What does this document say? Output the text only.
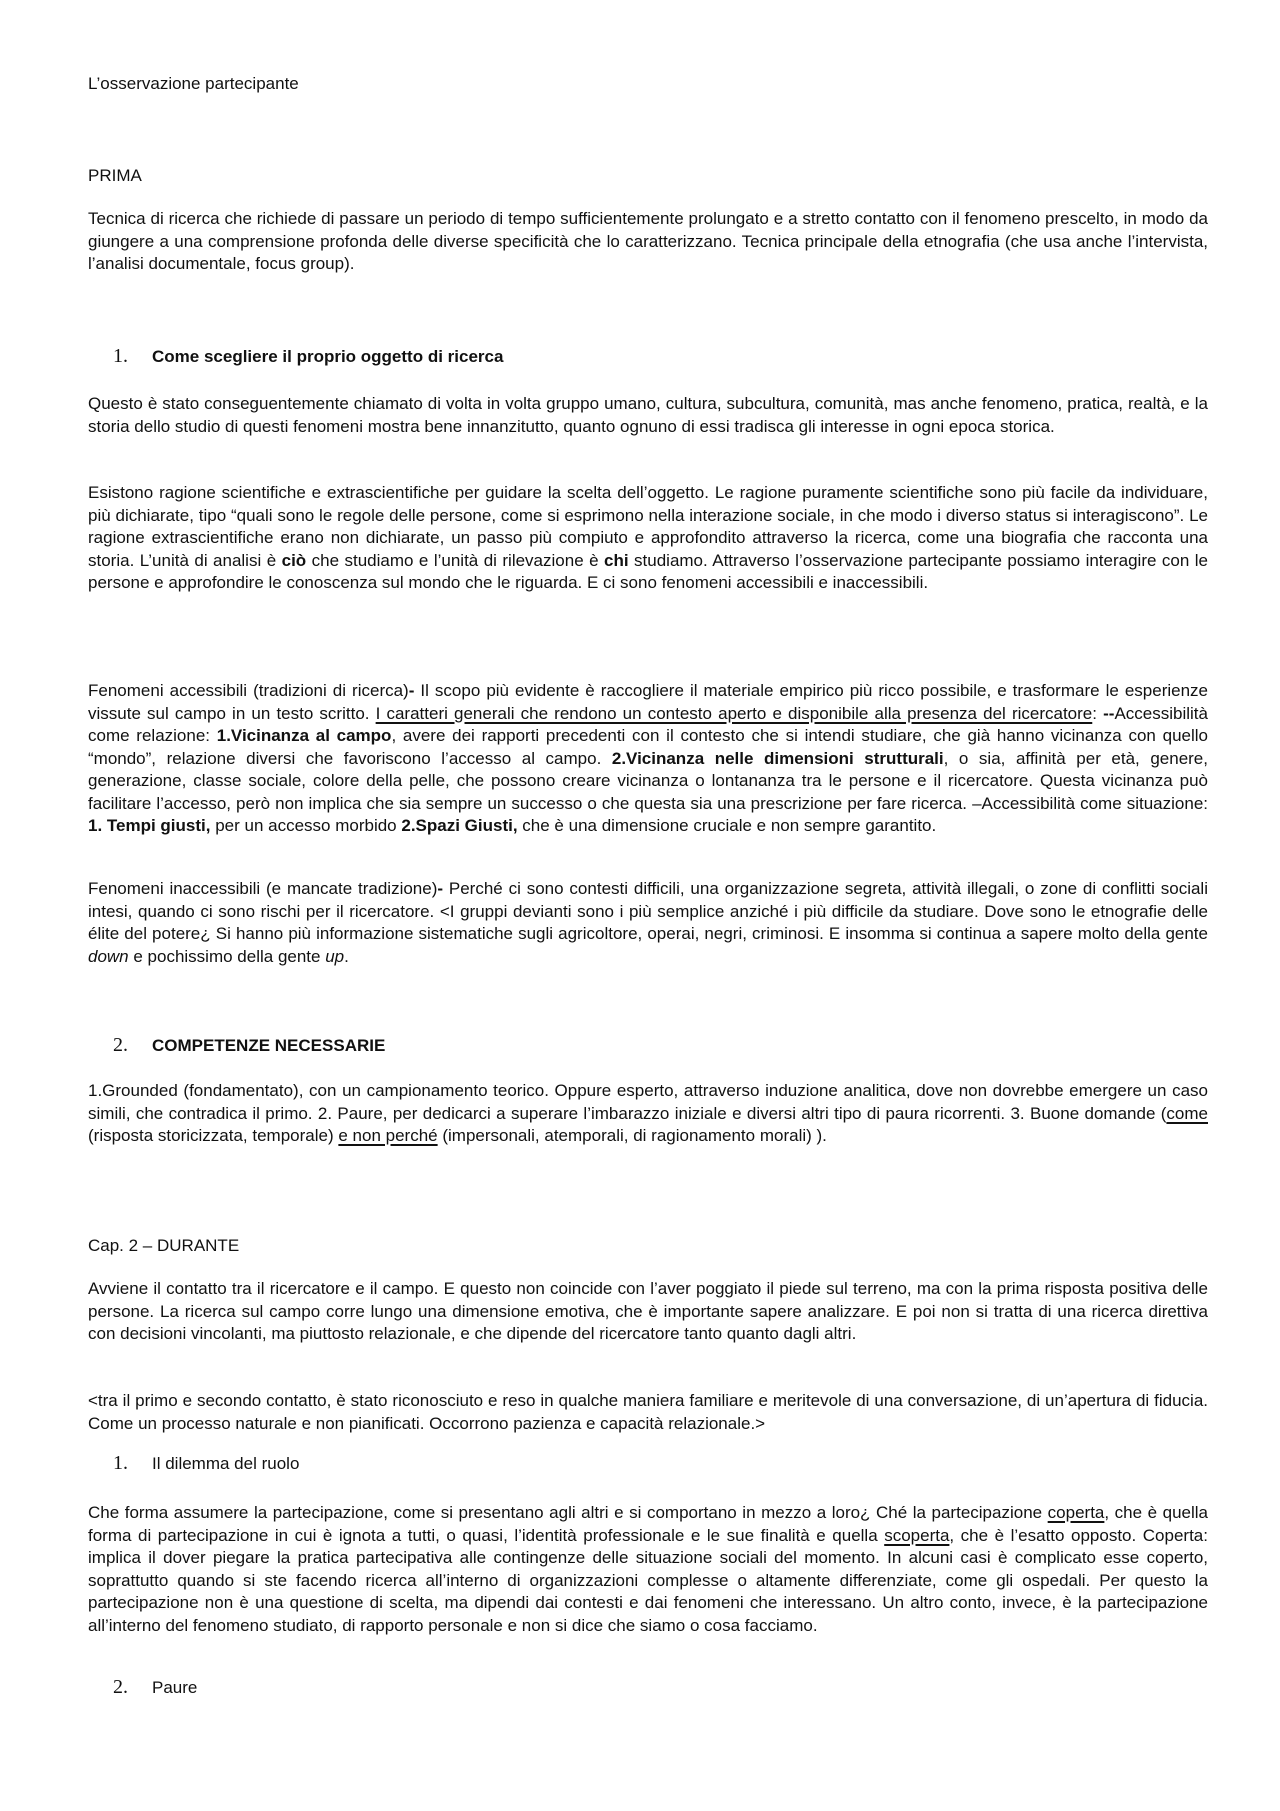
L’osservazione partecipante
PRIMA

Tecnica di ricerca che richiede di passare un periodo di tempo sufficientemente prolungato e a stretto contatto con il fenomeno prescelto, in modo da giungere a una comprensione profonda delle diverse specificità che lo caratterizzano. Tecnica principale della etnografia (che usa anche l’intervista, l’analisi documentale, focus group).

1.	Come scegliere il proprio oggetto di ricerca

Questo è stato conseguentemente chiamato di volta in volta gruppo umano, cultura, subcultura, comunità, mas anche fenomeno, pratica, realtà, e la storia dello studio di questi fenomeni mostra bene innanzitutto, quanto ognuno di essi tradisca gli interesse in ogni epoca storica.

Esistono ragione scientifiche e extrascientifiche per guidare la scelta dell’oggetto. Le ragione puramente scientifiche sono più facile da individuare, più dichiarate, tipo “quali sono le regole delle persone, come si esprimono nella interazione sociale, in che modo i diverso status si interagiscono”. Le ragione extrascientifiche erano non dichiarate, un passo più compiuto e approfondito attraverso la ricerca, come una biografia che racconta una storia. L’unità di analisi è ciò che studiamo e l’unità di rilevazione è chi studiamo. Attraverso l’osservazione partecipante possiamo interagire con le persone e approfondire le conoscenza sul mondo che le riguarda. E ci sono fenomeni accessibili e inaccessibili.

Fenomeni accessibili (tradizioni di ricerca)- Il scopo più evidente è raccogliere il materiale empirico più ricco possibile, e trasformare le esperienze vissute sul campo in un testo scritto. I caratteri generali che rendono un contesto aperto e disponibile alla presenza del ricercatore: --Accessibilità come relazione: 1.Vicinanza al campo, avere dei rapporti precedenti con il contesto che si intendi studiare, che già hanno vicinanza con quello “mondo”, relazione diversi che favoriscono l’accesso al campo. 2.Vicinanza nelle dimensioni strutturali, o sia, affinità per età, genere, generazione, classe sociale, colore della pelle, che possono creare vicinanza o lontananza tra le persone e il ricercatore. Questa vicinanza può facilitare l’accesso, però non implica che sia sempre un successo o che questa sia una prescrizione per fare ricerca. –Accessibilità come situazione: 1. Tempi giusti, per un accesso morbido 2.Spazi Giusti, che è una dimensione cruciale e non sempre garantito.

Fenomeni inaccessibili (e mancate tradizione)- Perché ci sono contesti difficili, una organizzazione segreta, attività illegali, o zone di conflitti sociali intesi, quando ci sono rischi per il ricercatore. <I gruppi devianti sono i più semplice anziché i più difficile da studiare. Dove sono le etnografie delle élite del potere¿ Si hanno più informazione sistematiche sugli agricoltore, operai, negri, criminosi. E insomma si continua a sapere molto della gente down e pochissimo della gente up.

2.	COMPETENZE NECESSARIE

1.Grounded (fondamentato), con un campionamento teorico. Oppure esperto, attraverso induzione analitica, dove non dovrebbe emergere un caso simili, che contradica il primo. 2. Paure, per dedicarci a superare l’imbarazzo iniziale e diversi altri tipo di paura ricorrenti. 3. Buone domande (come (risposta storicizzata, temporale) e non perché (impersonali, atemporali, di ragionamento morali) ).

Cap. 2 – DURANTE

Avviene il contatto tra il ricercatore e il campo. E questo non coincide con l’aver poggiato il piede sul terreno, ma con la prima risposta positiva delle persone. La ricerca sul campo corre lungo una dimensione emotiva, che è importante sapere analizzare. E poi non si tratta di una ricerca direttiva con decisioni vincolanti, ma piuttosto relazionale, e che dipende del ricercatore tanto quanto dagli altri.

<tra il primo e secondo contatto, è stato riconosciuto e reso in qualche maniera familiare e meritevole di una conversazione, di un’apertura di fiducia. Come un processo naturale e non pianificati. Occorrono pazienza e capacità relazionale.>

1.	Il dilemma del ruolo

Che forma assumere la partecipazione, come si presentano agli altri e si comportano in mezzo a loro¿ Ché la partecipazione coperta, che è quella forma di partecipazione in cui è ignota a tutti, o quasi, l’identità professionale e le sue finalità e quella scoperta, che è l’esatto opposto. Coperta: implica il dover piegare la pratica partecipativa alle contingenze delle situazione sociali del momento. In alcuni casi è complicato esse coperto, soprattutto quando si ste facendo ricerca all’interno di organizzazioni complesse o altamente differenziate, come gli ospedali. Per questo la partecipazione non è una questione di scelta, ma dipendi dai contesti e dai fenomeni che interessano. Un altro conto, invece, è la partecipazione all’interno del fenomeno studiato, di rapporto personale e non si dice che siamo o cosa facciamo.

2.	Paure
